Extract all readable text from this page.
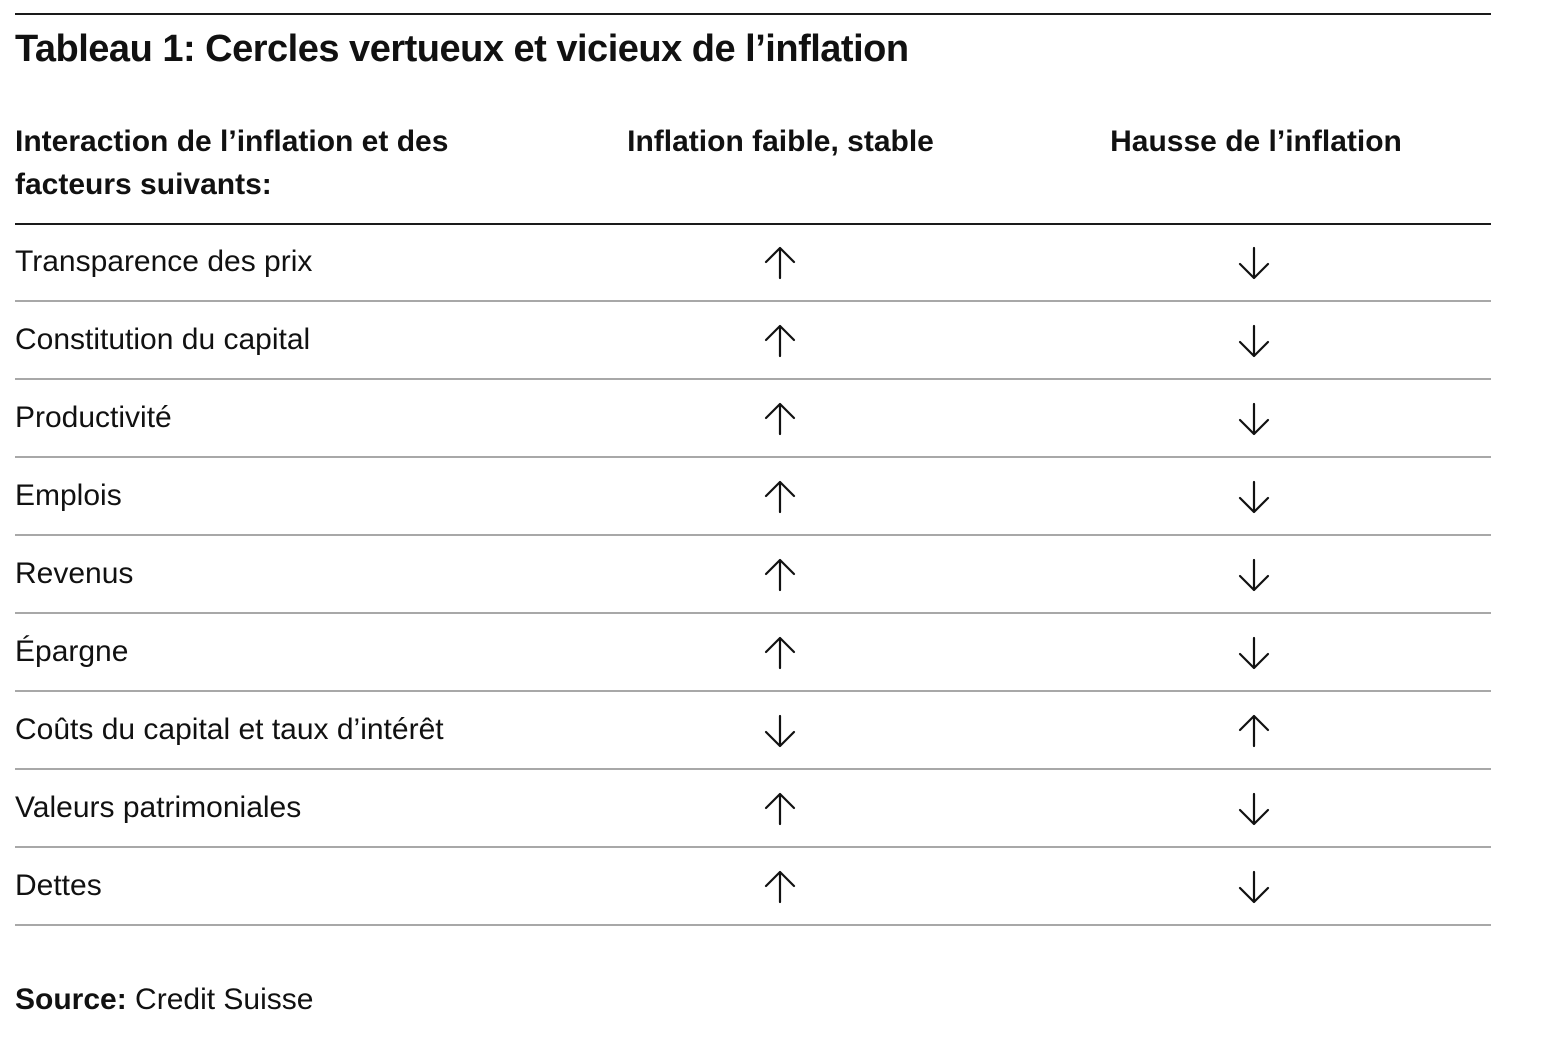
Tableau 1: Cercles vertueux et vicieux de l’inflation
Interaction de l’inflation et des facteurs suivants:
Inflation faible, stable	Hausse de l’inflation
Transparence des prix
Constitution du capital
Productivité
Emplois
Revenus
Épargne
Coûts du capital et taux d’intérêt
Valeurs patrimoniales
Dettes
Source: Credit Suisse
